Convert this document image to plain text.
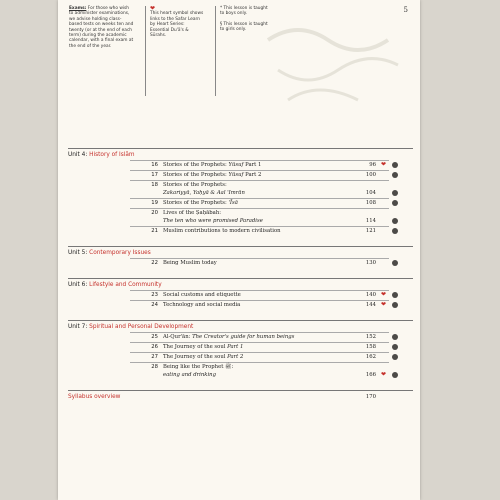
5
Exams: For those who wish to administer examinations, we advise holding class-based tests on weeks ten and twenty (or at the end of each term) during the academic calendar, with a final exam at the end of the year.
❤
This heart symbol shows links to the Safar Learn by Heart Series: Essential Du'ā's & Sūrahs.
* This lesson is taught to boys only.
§ This lesson is taught to girls only.
Unit 4: History of Islām
16 Stories of the Prophets: Yūsuf Part 1	96 ❤
17 Stories of the Prophets: Yūsuf Part 2	100
18 Stories of the Prophets:
Zakariyyā, Yaḥyā & Aal 'Imrān	104
19 Stories of the Prophets: 'Īsā	108
20 Lives of the Ṣaḥābah:
The ten who were promised Paradise	114
21 Muslim contributions to modern civilisation	121
Unit 5: Contemporary Issues
22 Being Muslim today	130
Unit 6: Lifestyle and Community
23 Social customs and etiquette	140 ❤
24 Technology and social media	144 ❤
Unit 7: Spiritual and Personal Development
25 Al-Qur'ān: The Creator's guide for human beings	152
26 The Journey of the soul Part 1	158
27 The Journey of the soul Part 2	162
28 Being like the Prophet ﷺ:
eating and drinking	166 ❤
Syllabus overview	170
